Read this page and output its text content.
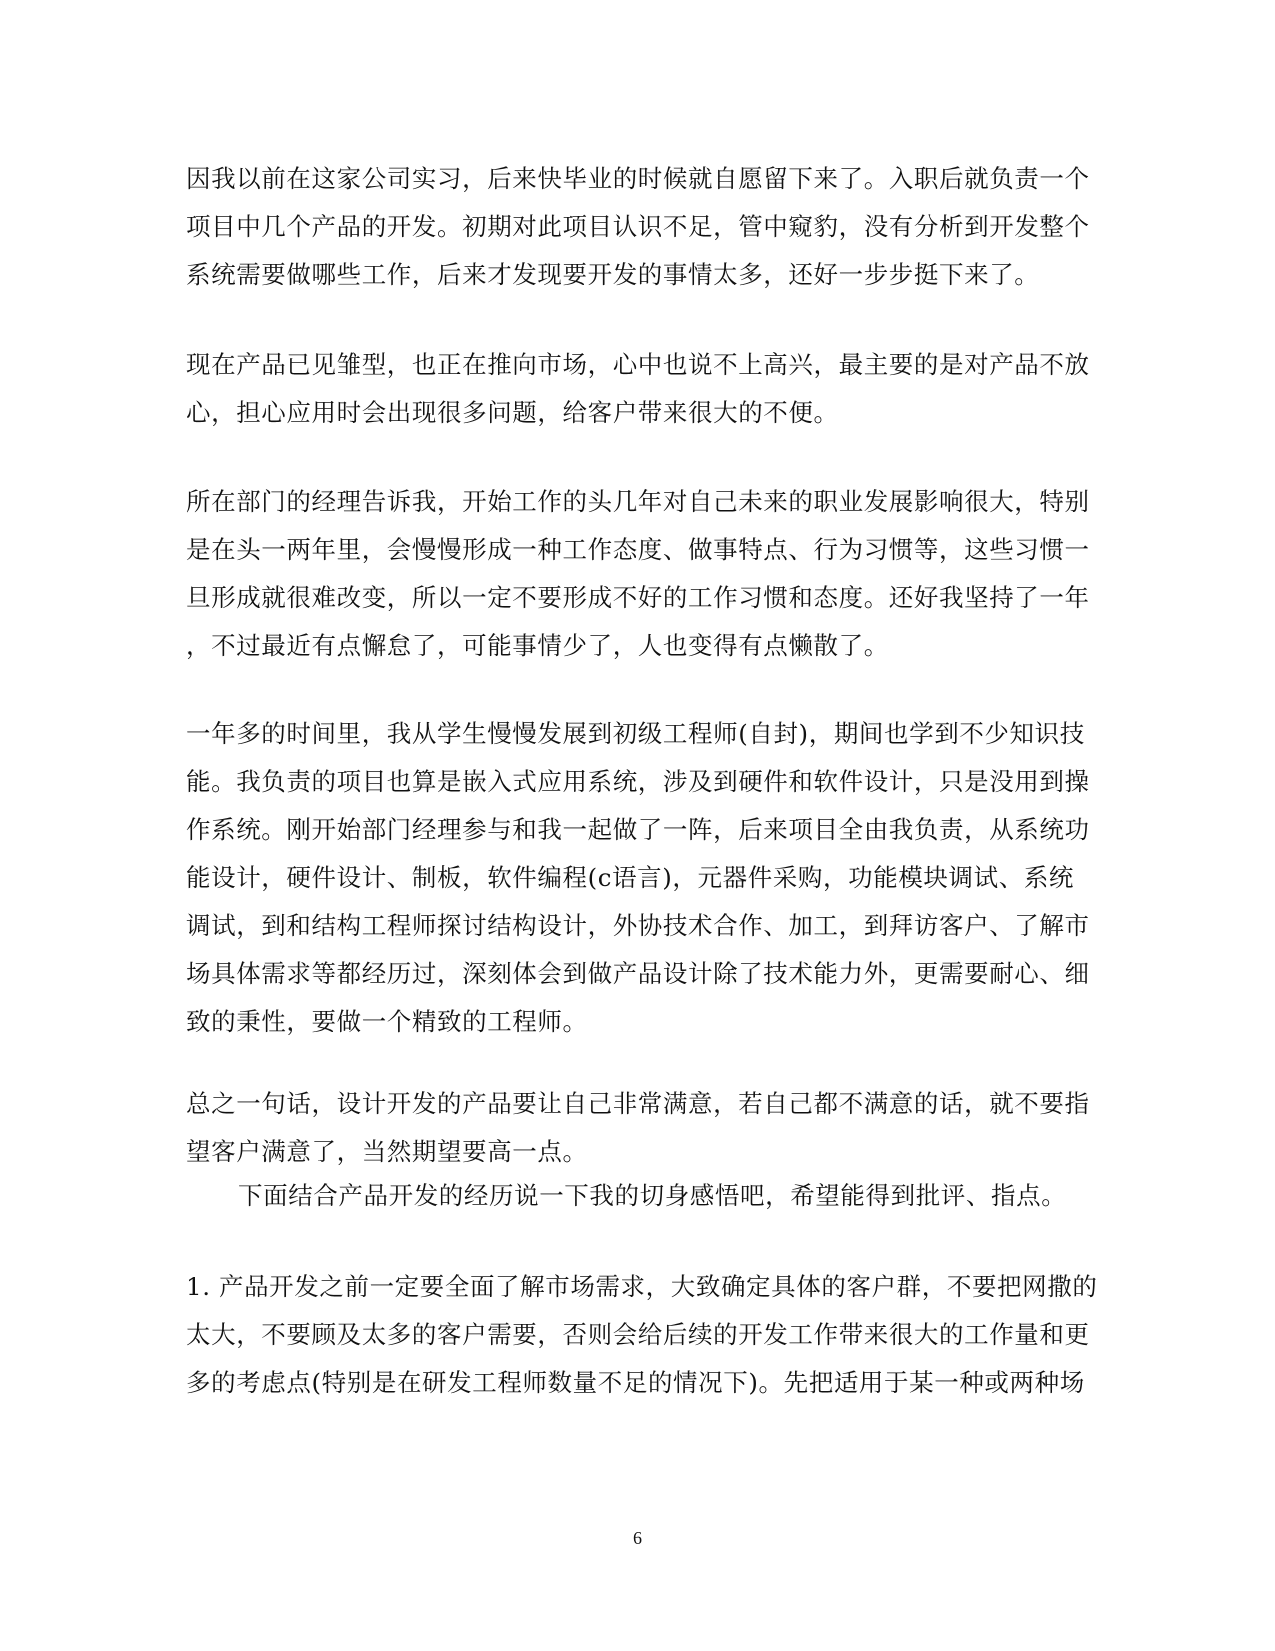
因我以前在这家公司实习，后来快毕业的时候就自愿留下来了。入职后就负责一个
项目中几个产品的开发。初期对此项目认识不足，管中窥豹，没有分析到开发整个
系统需要做哪些工作，后来才发现要开发的事情太多，还好一步步挺下来了。
现在产品已见雏型，也正在推向市场，心中也说不上高兴，最主要的是对产品不放
心，担心应用时会出现很多问题，给客户带来很大的不便。
所在部门的经理告诉我，开始工作的头几年对自己未来的职业发展影响很大，特别
是在头一两年里，会慢慢形成一种工作态度、做事特点、行为习惯等，这些习惯一
旦形成就很难改变，所以一定不要形成不好的工作习惯和态度。还好我坚持了一年
，不过最近有点懈怠了，可能事情少了，人也变得有点懒散了。
一年多的时间里，我从学生慢慢发展到初级工程师(自封)，期间也学到不少知识技
能。我负责的项目也算是嵌入式应用系统，涉及到硬件和软件设计，只是没用到操
作系统。刚开始部门经理参与和我一起做了一阵，后来项目全由我负责，从系统功
能设计，硬件设计、制板，软件编程(c语言)，元器件采购，功能模块调试、系统
调试，到和结构工程师探讨结构设计，外协技术合作、加工，到拜访客户、了解市
场具体需求等都经历过，深刻体会到做产品设计除了技术能力外，更需要耐心、细
致的秉性，要做一个精致的工程师。
总之一句话，设计开发的产品要让自己非常满意，若自己都不满意的话，就不要指
望客户满意了，当然期望要高一点。
下面结合产品开发的经历说一下我的切身感悟吧，希望能得到批评、指点。
1. 产品开发之前一定要全面了解市场需求，大致确定具体的客户群，不要把网撒的
太大，不要顾及太多的客户需要，否则会给后续的开发工作带来很大的工作量和更
多的考虑点(特别是在研发工程师数量不足的情况下)。先把适用于某一种或两种场
6
